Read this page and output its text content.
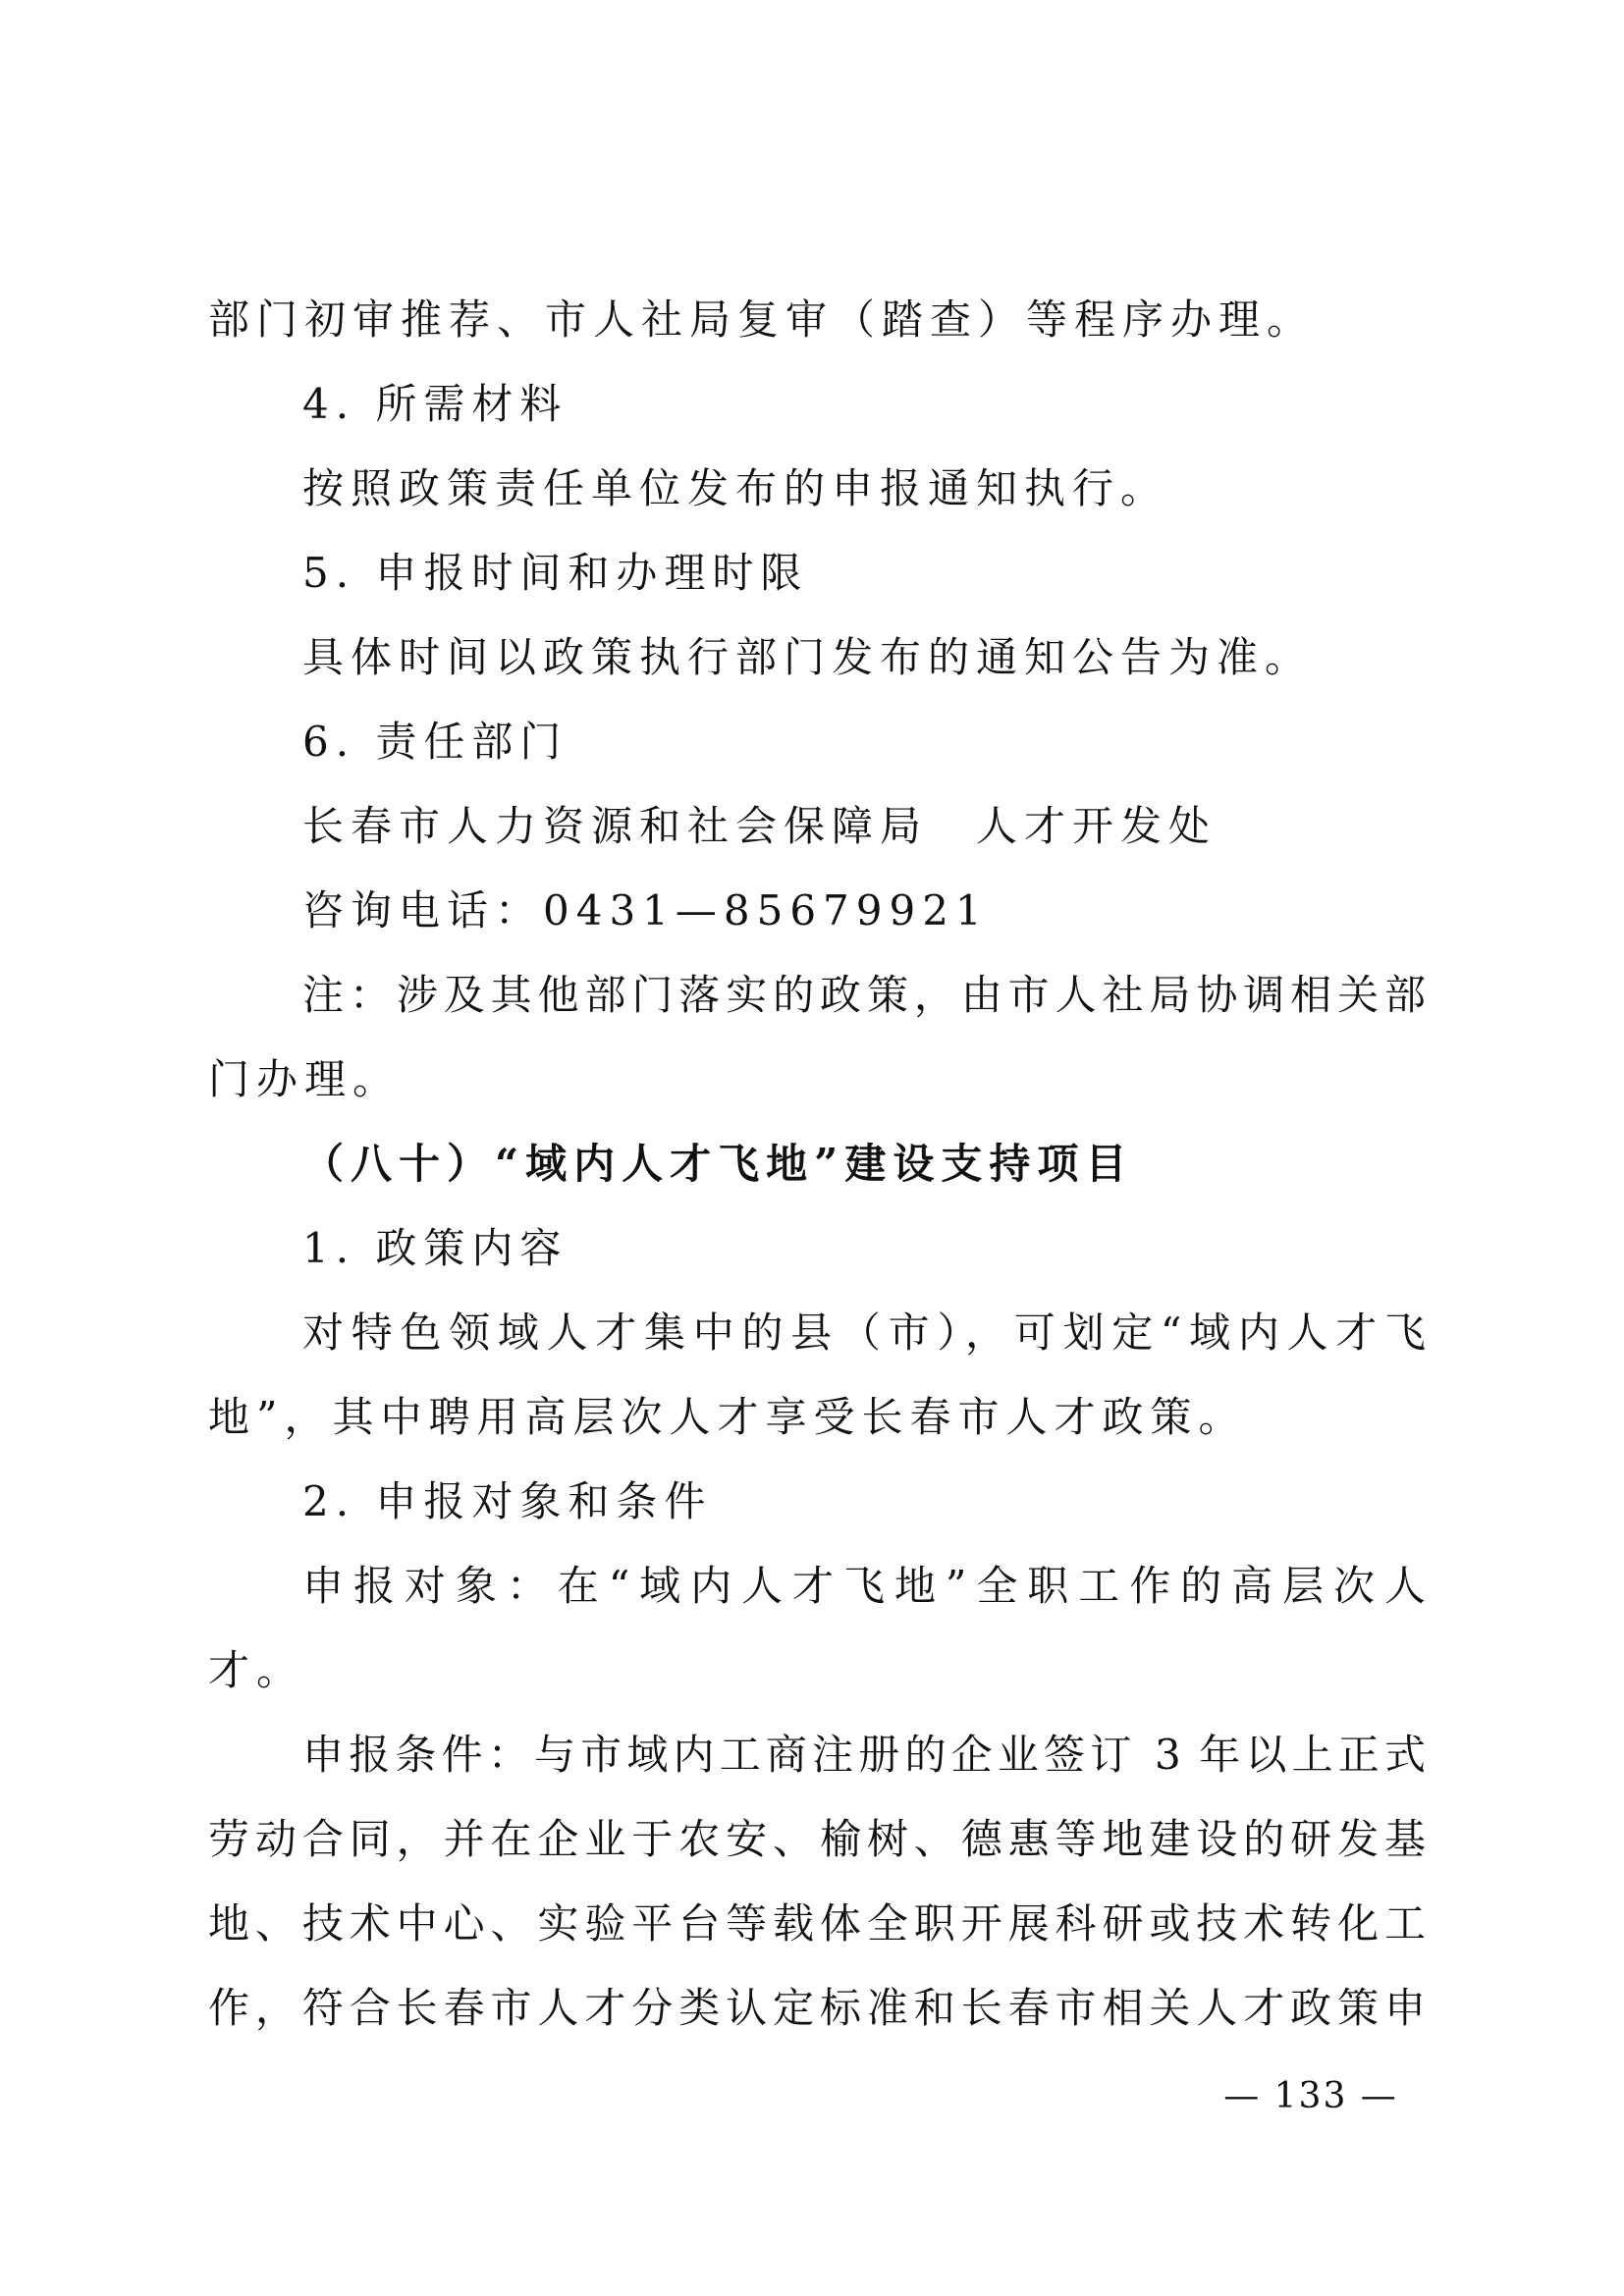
部门初审推荐、市人社局复审（踏查）等程序办理。
4. 所需材料
按照政策责任单位发布的申报通知执行。
5. 申报时间和办理时限
具体时间以政策执行部门发布的通知公告为准。
6. 责任部门
长春市人力资源和社会保障局　人才开发处
咨询电话：0431—85679921
注：涉及其他部门落实的政策，由市人社局协调相关部
门办理。
（八十）“域内人才飞地”建设支持项目
1. 政策内容
对特色领域人才集中的县（市），可划定“域内人才飞
地”，其中聘用高层次人才享受长春市人才政策。
2. 申报对象和条件
申报对象：在“域内人才飞地”全职工作的高层次人
才。
申报条件：与市域内工商注册的企业签订 3 年以上正式
劳动合同，并在企业于农安、榆树、德惠等地建设的研发基
地、技术中心、实验平台等载体全职开展科研或技术转化工
作，符合长春市人才分类认定标准和长春市相关人才政策申
— 133 —
